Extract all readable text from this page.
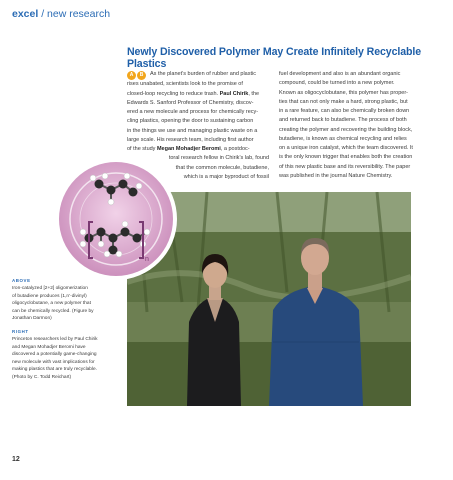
excel / new research
Newly Discovered Polymer May Create Infinitely Recyclable Plastics

A B As the planet’s burden of rubber and plastic

rises unabated, scientists look to the promise of

closed-loop recycling to reduce trash. Paul Chirik, the

Edwards S. Sanford Professor of Chemistry, discov-

ered a new molecule and process for chemically recy-

cling plastics, opening the door to sustaining carbon

in the things we use and managing plastic waste on a

large scale. His research team, including first author

of the study Megan Mohadjer Beromi, a postdoc-

toral research fellow in Chirik’s lab, found

that the common molecule, butadiene,

which is a major byproduct of fossil

fuel development and also is an abundant organic

compound, could be turned into a new polymer.

Known as oligocyclobutane, this polymer has proper-

ties that can not only make a hard, strong plastic, but

in a rare feature, can also be chemically broken down

and returned back to butadiene. The process of both

creating the polymer and recovering the building block,

butadiene, is known as chemical recycling and relies

on a unique iron catalyst, which the team discovered. It

is the only known trigger that enables both the creation

of this new plastic base and its reversibility. The paper

was published in the journal Nature Chemistry.

n
ABOVE
Iron-catalyzed [2+2] oligomerization
of butadiene produces (1,n’-divinyl)
oligocyclobutane, a new polymer that
can be chemically recycled. (Figure by
Jonathan Darmon)
RIGHT
Princeton researchers led by Paul Chirik
and Megan Mohadjer Beromi have
discovered a potentially game-changing
new molecule with vast implications for
making plastics that are truly recyclable.
(Photo by C. Todd Reichart)
12
